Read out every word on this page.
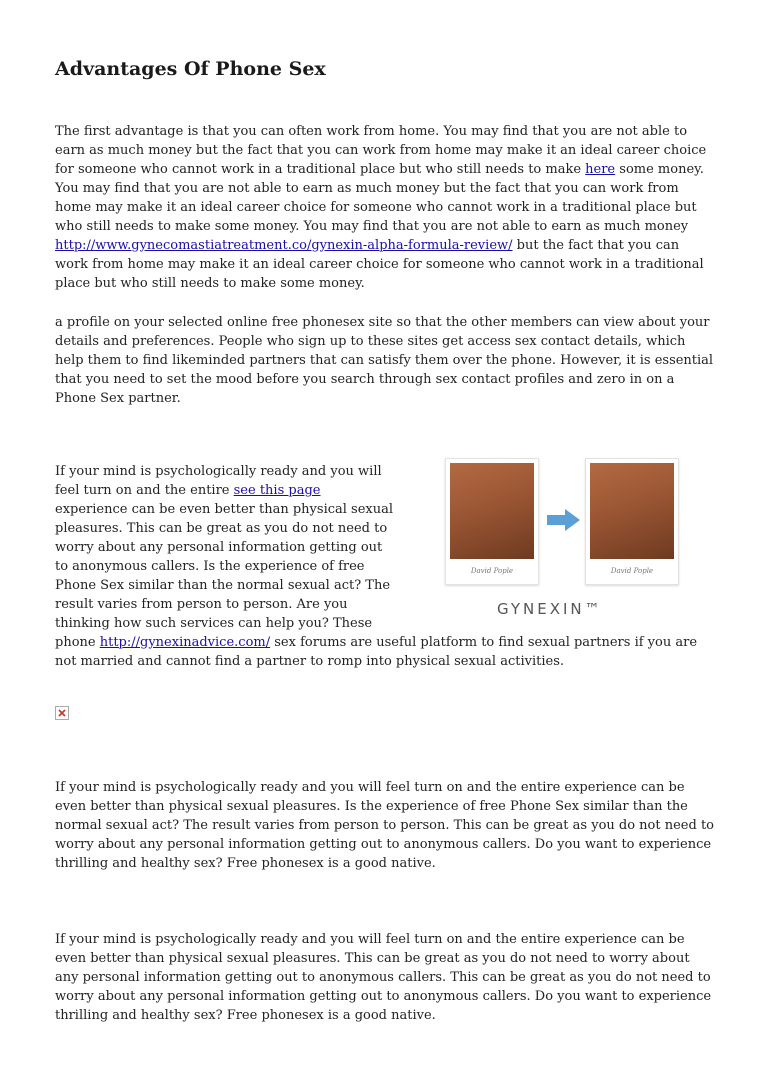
Advantages Of Phone Sex

The first advantage is that you can often work from home. You may find that you are not able to earn as much money but the fact that you can work from home may make it an ideal career choice for someone who cannot work in a traditional place but who still needs to make here some money. You may find that you are not able to earn as much money but the fact that you can work from home may make it an ideal career choice for someone who cannot work in a traditional place but who still needs to make some money. You may find that you are not able to earn as much money http://www.gynecomastiatreatment.co/gynexin-alpha-formula-review/ but the fact that you can work from home may make it an ideal career choice for someone who cannot work in a traditional place but who still needs to make some money.

a profile on your selected online free phonesex site so that the other members can view about your details and preferences. People who sign up to these sites get access sex contact details, which help them to find likeminded partners that can satisfy them over the phone. However, it is essential that you need to set the mood before you search through sex contact profiles and zero in on a Phone Sex partner.

David Pople	David Pople
GYNEXIN™
If your mind is psychologically ready and you will feel turn on and the entire see this page experience can be even better than physical sexual pleasures. This can be great as you do not need to worry about any personal information getting out to anonymous callers. Is the experience of free Phone Sex similar than the normal sexual act? The result varies from person to person. Are you thinking how such services can help you? These phone http://gynexinadvice.com/ sex forums are useful platform to find sexual partners if you are not married and cannot find a partner to romp into physical sexual activities.

If your mind is psychologically ready and you will feel turn on and the entire experience can be even better than physical sexual pleasures. Is the experience of free Phone Sex similar than the normal sexual act? The result varies from person to person. This can be great as you do not need to worry about any personal information getting out to anonymous callers. Do you want to experience thrilling and healthy sex? Free phonesex is a good native.

If your mind is psychologically ready and you will feel turn on and the entire experience can be even better than physical sexual pleasures. This can be great as you do not need to worry about any personal information getting out to anonymous callers. This can be great as you do not need to worry about any personal information getting out to anonymous callers. Do you want to experience thrilling and healthy sex? Free phonesex is a good native.
